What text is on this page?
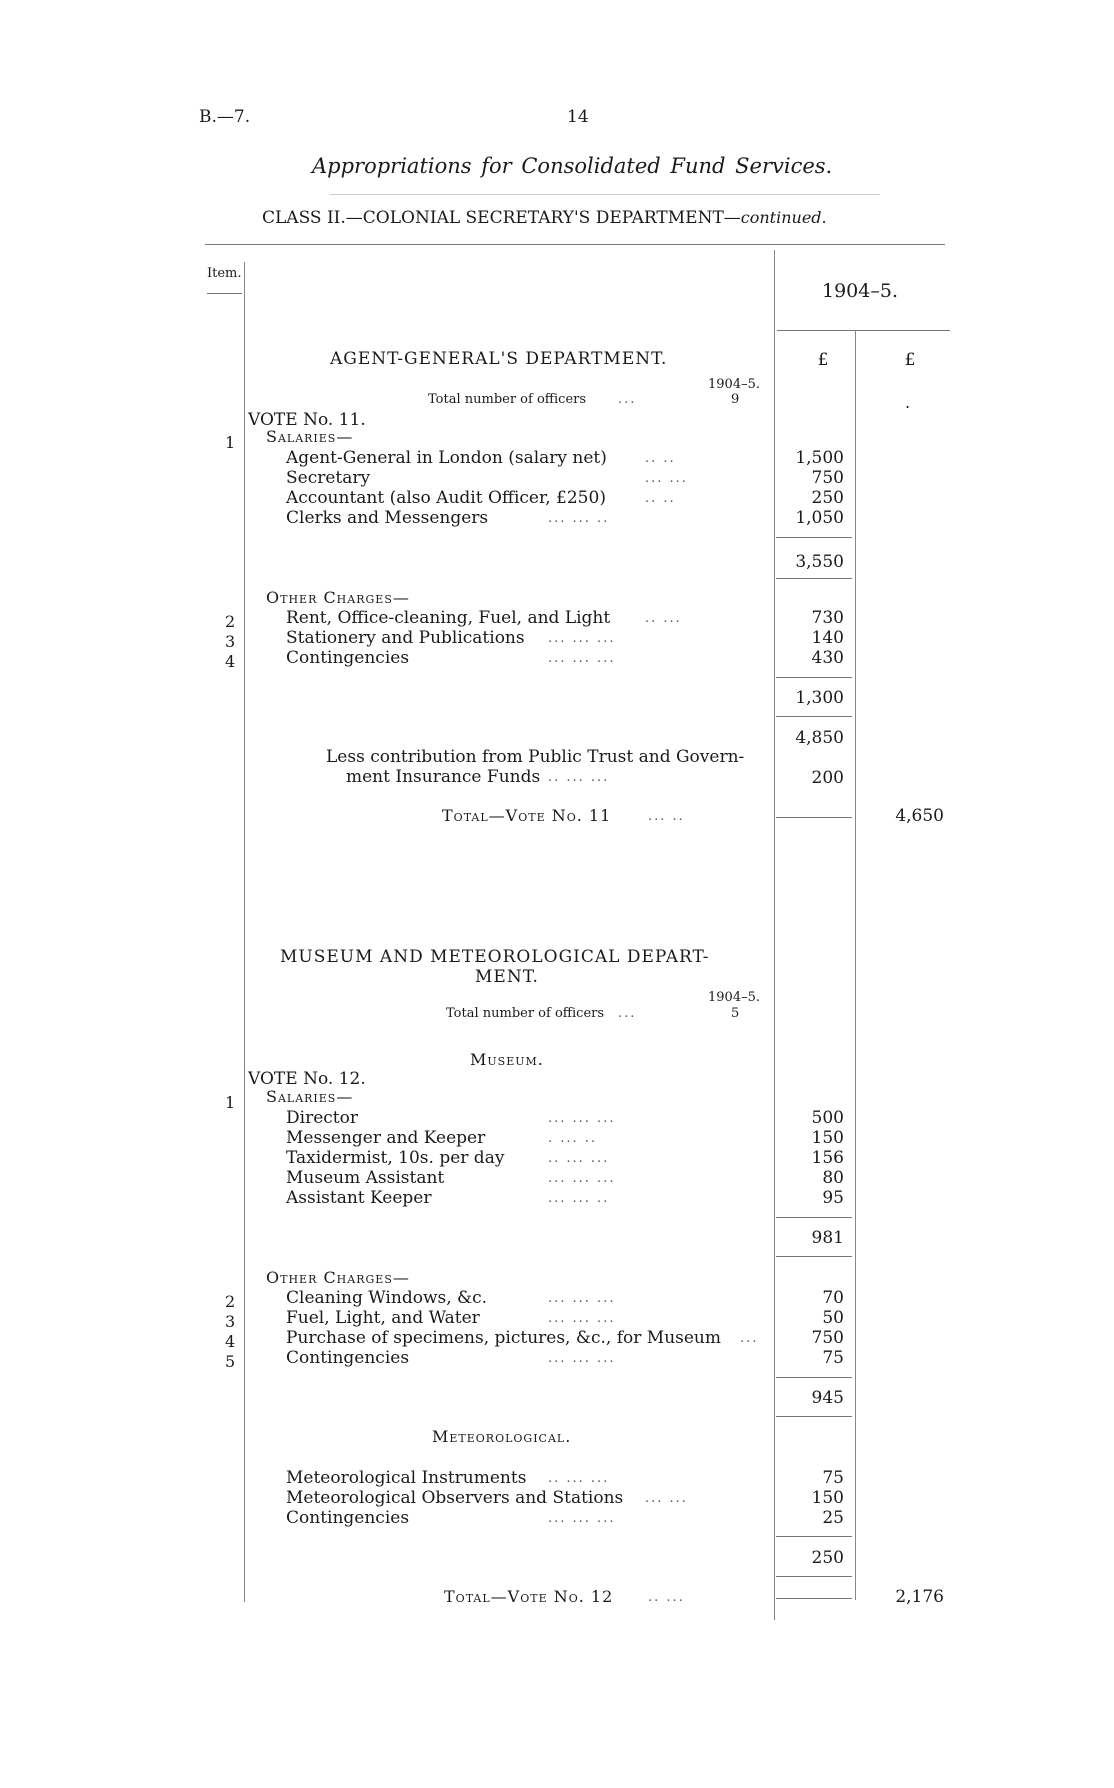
B.—7.	14
Appropriations for Consolidated Fund Services.
CLASS II.—COLONIAL SECRETARY'S DEPARTMENT—continued.
Item.
1904–5.
£	£
.
AGENT-GENERAL'S DEPARTMENT.
1904–5.
Total number of officers ...	9
VOTE No. 11.
1 Salaries—
Agent-General in London (salary net)	.. ..	1,500
Secretary	... ...	750
Accountant (also Audit Officer, £250)	.. ..	250
Clerks and Messengers	... ... ..	1,050
3,550
Other Charges—
2	Rent, Office-cleaning, Fuel, and Light	.. ...	730
3	Stationery and Publications ... ... ...	140
4	Contingencies	... ... ...	430
1,300
4,850
Less contribution from Public Trust and Govern-
ment Insurance Funds .. ... ...	200
Total—Vote No. 11	... ..	4,650
MUSEUM AND METEOROLOGICAL DEPART-
MENT.
1904–5.
Total number of officers ...	5
Museum.
VOTE No. 12.
1 Salaries—
Director	... ... ...	500
Messenger and Keeper	. ... ..	150
Taxidermist, 10s. per day	.. ... ...	156
Museum Assistant	... ... ...	80
Assistant Keeper	... ... ..	95
981
Other Charges—
2	Cleaning Windows, &c.	... ... ...	70
3	Fuel, Light, and Water	... ... ...	50
4	Purchase of specimens, pictures, &c., for Museum ...	750
5	Contingencies	... ... ...	75
945
Meteorological.
Meteorological Instruments .. ... ...	75
Meteorological Observers and Stations ... ...	150
Contingencies	... ... ...	25
250
Total—Vote No. 12	.. ...	2,176
